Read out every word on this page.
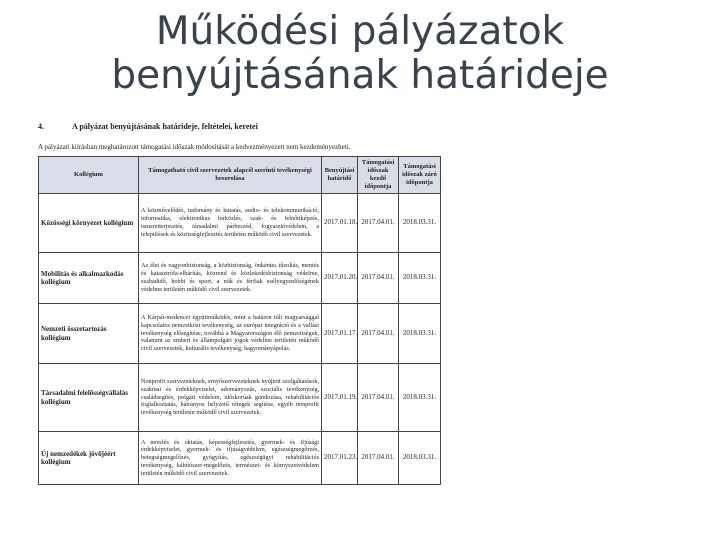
Működési pályázatok
benyújtásának határideje
4.	A pályázat benyújtásának határideje, feltételei, keretei
A pályázati kiírásban meghatározott támogatási időszak módosítását a kedvezményezett nem kezdeményezheti.
Kollégium	Támogatható civil szervezetek alapcél szerinti tevékenységi besorolása	Benyújtási határidő	Támogatási időszak kezdő időpontja	Támogatási időszak záró időpontja
Közösségi környezet kollégium	A közművelődés, tudomány és kutatás, audio- és telekommunikáció, informatika, elektronikus hírközlés, szak- és felnőttképzés, ismeretterjesztés, társadalmi párbeszéd, fogyasztóvédelem, a települések és közösségfejlesztés területén működő civil szervezetek.	2017.01.18.	2017.04.01.	2018.03.31.
Mobilitás és alkalmazkodás kollégium	Az élet és vagyonbiztonság, a közbiztonság, önkéntes tűzoltás, mentés és katasztrófa-elhárítás, közrend és közlekedésbiztonság védelme, szabadidő, hobbi és sport, a nők és férfiak esélyegyenlőségének védelme területén működő civil szervezetek.	2017.01.20.	2017.04.01.	2018.03.31.
Nemzeti összetartozás kollégium	A Kárpát-medencei együttműködés, mint a határon túli magyarsággal kapcsolatos nemzetközi tevékenység, az európai integráció és a vallási tevékenység elősegítése, továbbá a Magyarországon élő nemzetiségek, valamint az emberi és állampolgári jogok védelme területén működő civil szervezetek, kulturális tevékenység, hagyományápolás.	2017.01.17.	2017.04.01.	2018.03.31.
Társadalmi felelősségvállalás kollégium	Nonprofit szervezeteknek, ernyőszervezeteknek nyújtott szolgáltatások, szakmai és érdekképviselet, adományozás, szociális tevékenység, családsegítés, polgári védelem, időskorúak gondozása, rehabilitációs foglalkoztatás, hátrányos helyzetű rétegek segítése, egyéb nonprofit tevékenység területén működő civil szervezetek.	2017.01.19.	2017.04.01.	2018.03.31.
Új nemzedékek jövőjéért kollégium	A nevelés és oktatás, képességfejlesztés, gyermek- és ifjúsági érdekképviselet, gyermek- és ifjúságvédelem, egészségmegőrzés, betegségmegelőzés, gyógyítás, egészségügyi rehabilitációs tevékenység, kábítószer-megelőzés, természet- és környezetvédelem területén működő civil szervezetek.	2017.01.23.	2017.04.01.	2018.03.31.
